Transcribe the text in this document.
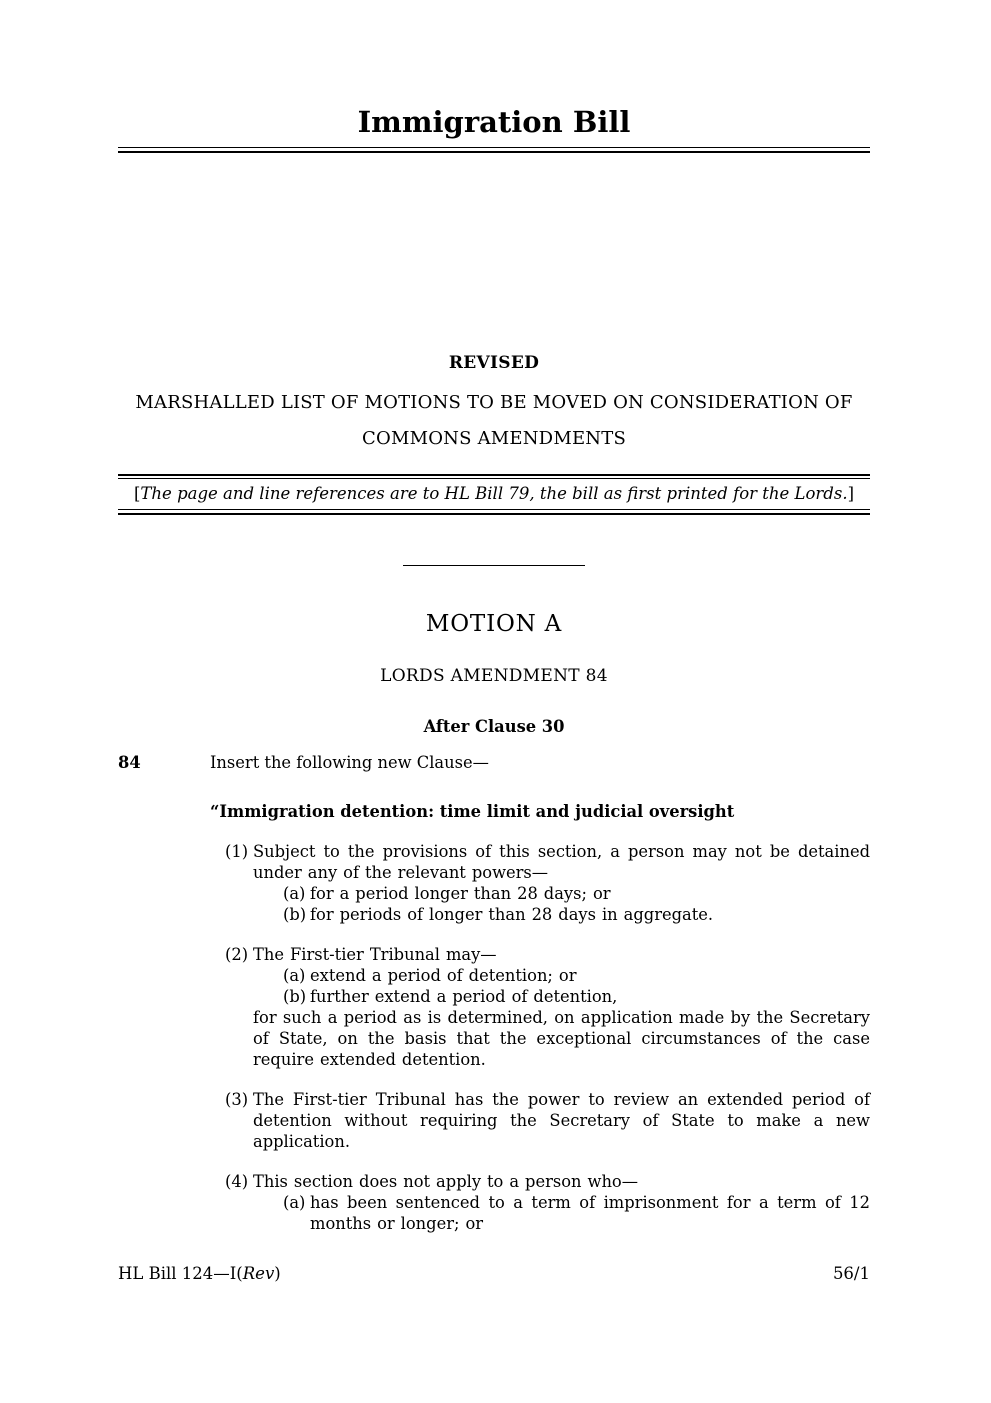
Immigration Bill
REVISED
MARSHALLED LIST OF MOTIONS TO BE MOVED ON CONSIDERATION OF
COMMONS AMENDMENTS

[The page and line references are to HL Bill 79, the bill as first printed for the Lords.]

MOTION A
LORDS AMENDMENT 84
After Clause 30
84	Insert the following new Clause—

“Immigration detention: time limit and judicial oversight

(1) Subject to the provisions of this section, a person may not be detained under any of the relevant powers—

(a) for a period longer than 28 days; or
(b) for periods of longer than 28 days in aggregate.
(2) The First-tier Tribunal may—

(a) extend a period of detention; or
(b) further extend a period of detention,

for such a period as is determined, on application made by the Secretary of State, on the basis that the exceptional circumstances of the case require extended detention.

(3) The First-tier Tribunal has the power to review an extended period of detention without requiring the Secretary of State to make a new application.

(4) This section does not apply to a person who—

(a) has been sentenced to a term of imprisonment for a term of 12 months or longer; or
HL Bill 124—I(Rev)	56/1
